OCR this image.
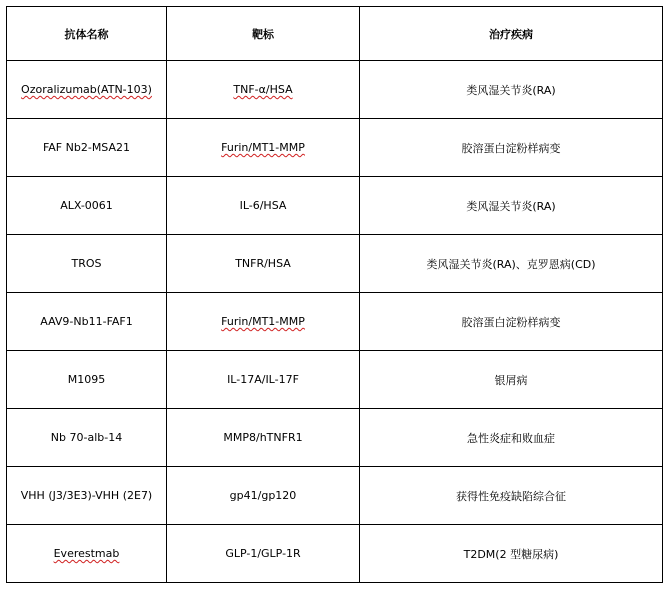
抗体名称	靶标	治疗疾病
Ozoralizumab(ATN-103)	TNF-α/HSA	类风湿关节炎(RA)
FAF Nb2-MSA21	Furin/MT1-MMP	胶溶蛋白淀粉样病变
ALX-0061	IL-6/HSA	类风湿关节炎(RA)
TROS	TNFR/HSA	类风湿关节炎(RA)、克罗恩病(CD)
AAV9-Nb11-FAF1	Furin/MT1-MMP	胶溶蛋白淀粉样病变
M1095	IL-17A/IL-17F	银屑病
Nb 70-alb-14	MMP8/hTNFR1	急性炎症和败血症
VHH (J3/3E3)-VHH (2E7)	gp41/gp120	获得性免疫缺陷综合征
Everestmab	GLP-1/GLP-1R	T2DM(2 型糖尿病)
